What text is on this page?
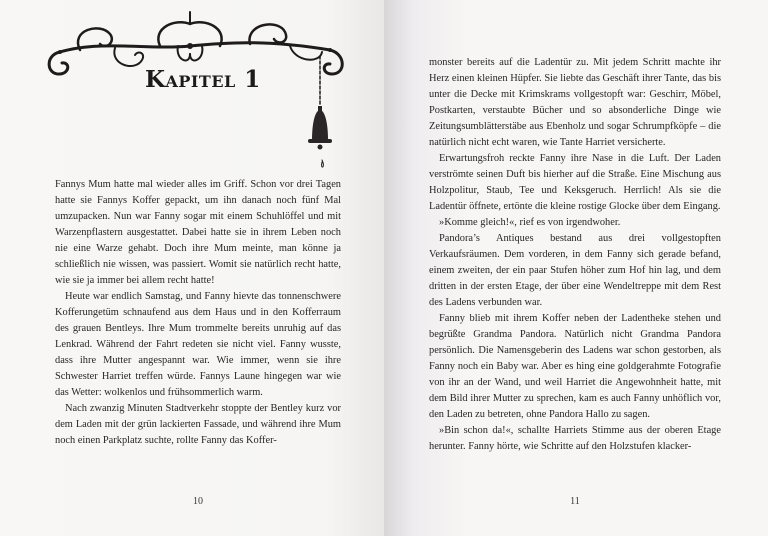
Kapitel 1

Fannys Mum hatte mal wieder alles im Griff. Schon vor drei Tagen hatte sie Fannys Koffer gepackt, um ihn danach noch fünf Mal umzupacken. Nun war Fanny sogar mit einem Schuhlöffel und mit Warzenpflastern ausgestattet. Dabei hatte sie in ihrem Leben noch nie eine Warze gehabt. Doch ihre Mum meinte, man könne ja schließlich nie wissen, was passiert. Womit sie natürlich recht hatte, wie sie ja immer bei allem recht hatte!

Heute war endlich Samstag, und Fanny hievte das tonnenschwere Kofferungetüm schnaufend aus dem Haus und in den Kofferraum des grauen Bentleys. Ihre Mum trommelte bereits unruhig auf das Lenkrad. Während der Fahrt redeten sie nicht viel. Fanny wusste, dass ihre Mutter angespannt war. Wie immer, wenn sie ihre Schwester Harriet treffen würde. Fannys Laune hingegen war wie das Wetter: wolkenlos und frühsommerlich warm.

Nach zwanzig Minuten Stadtverkehr stoppte der Bentley kurz vor dem Laden mit der grün lackierten Fassade, und während ihre Mum noch einen Parkplatz suchte, rollte Fanny das Koffer-

10

monster bereits auf die Ladentür zu. Mit jedem Schritt machte ihr Herz einen kleinen Hüpfer. Sie liebte das Geschäft ihrer Tante, das bis unter die Decke mit Krimskrams vollgestopft war: Geschirr, Möbel, Postkarten, verstaubte Bücher und so absonderliche Dinge wie Zeitungsumblätterstäbe aus Ebenholz und sogar Schrumpfköpfe – die natürlich nicht echt waren, wie Tante Harriet versicherte.

Erwartungsfroh reckte Fanny ihre Nase in die Luft. Der Laden verströmte seinen Duft bis hierher auf die Straße. Eine Mischung aus Holzpolitur, Staub, Tee und Keksgeruch. Herrlich! Als sie die Ladentür öffnete, ertönte die kleine rostige Glocke über dem Eingang.

»Komme gleich!«, rief es von irgendwoher.

Pandora’s Antiques bestand aus drei vollgestopften Verkaufsräumen. Dem vorderen, in dem Fanny sich gerade befand, einem zweiten, der ein paar Stufen höher zum Hof hin lag, und dem dritten in der ersten Etage, der über eine Wendeltreppe mit dem Rest des Ladens verbunden war.

Fanny blieb mit ihrem Koffer neben der Ladentheke stehen und begrüßte Grandma Pandora. Natürlich nicht Grandma Pandora persönlich. Die Namensgeberin des Ladens war schon gestorben, als Fanny noch ein Baby war. Aber es hing eine goldgerahmte Fotografie von ihr an der Wand, und weil Harriet die Angewohnheit hatte, mit dem Bild ihrer Mutter zu sprechen, kam es auch Fanny unhöflich vor, den Laden zu betreten, ohne Pandora Hallo zu sagen.

»Bin schon da!«, schallte Harriets Stimme aus der oberen Etage herunter. Fanny hörte, wie Schritte auf den Holzstufen klacker-

11
